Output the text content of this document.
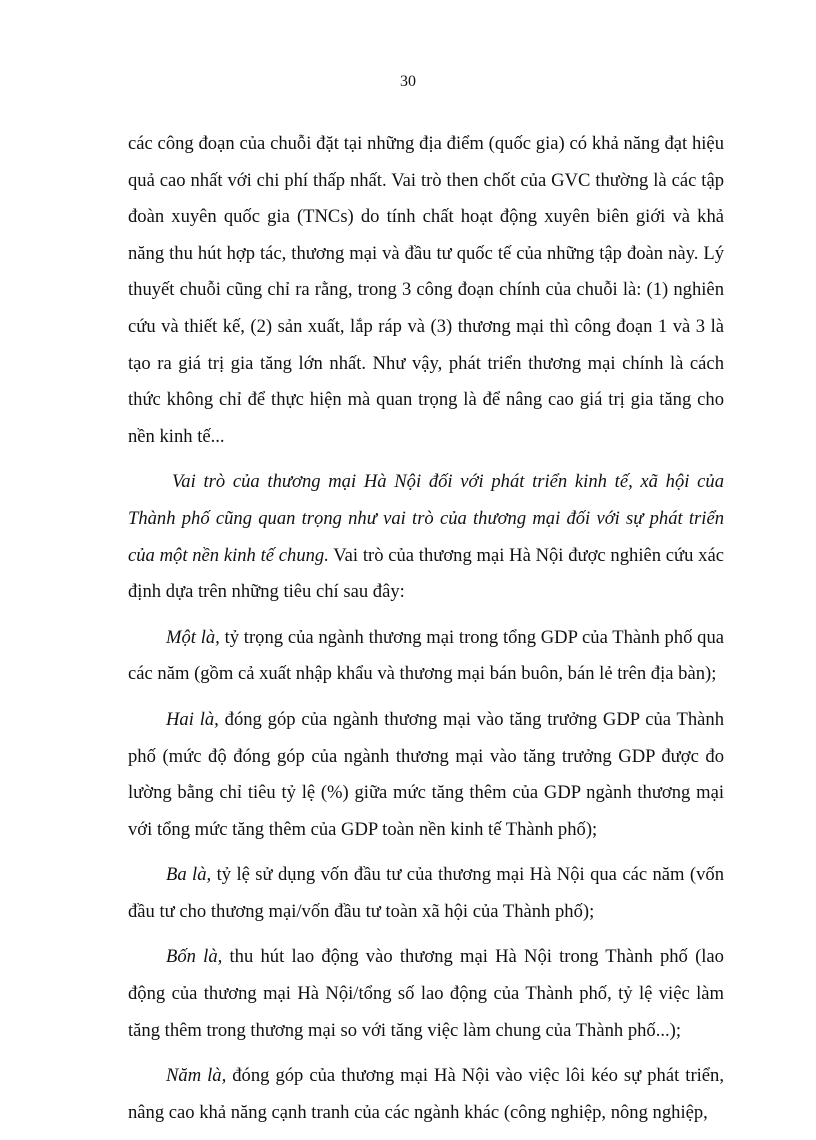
30

các công đoạn của chuỗi đặt tại những địa điểm (quốc gia) có khả năng đạt hiệu quả cao nhất với chi phí thấp nhất. Vai trò then chốt của GVC thường là các tập đoàn xuyên quốc gia (TNCs) do tính chất hoạt động xuyên biên giới và khả năng thu hút hợp tác, thương mại và đầu tư quốc tế của những tập đoàn này. Lý thuyết chuỗi cũng chỉ ra rằng, trong 3 công đoạn chính của chuỗi là: (1) nghiên cứu và thiết kế, (2) sản xuất, lắp ráp và (3) thương mại thì công đoạn 1 và 3 là tạo ra giá trị gia tăng lớn nhất. Như vậy, phát triển thương mại chính là cách thức không chỉ để thực hiện mà quan trọng là để nâng cao giá trị gia tăng cho nền kinh tế...

Vai trò của thương mại Hà Nội đối với phát triển kinh tế, xã hội của Thành phố cũng quan trọng như vai trò của thương mại đối với sự phát triển của một nền kinh tế chung. Vai trò của thương mại Hà Nội được nghiên cứu xác định dựa trên những tiêu chí sau đây:

Một là, tỷ trọng của ngành thương mại trong tổng GDP của Thành phố qua các năm (gồm cả xuất nhập khẩu và thương mại bán buôn, bán lẻ trên địa bàn);

Hai là, đóng góp của ngành thương mại vào tăng trưởng GDP của Thành phố (mức độ đóng góp của ngành thương mại vào tăng trưởng GDP được đo lường bằng chỉ tiêu tỷ lệ (%) giữa mức tăng thêm của GDP ngành thương mại với tổng mức tăng thêm của GDP toàn nền kinh tế Thành phố);

Ba là, tỷ lệ sử dụng vốn đầu tư của thương mại Hà Nội qua các năm (vốn đầu tư cho thương mại/vốn đầu tư toàn xã hội của Thành phố);

Bốn là, thu hút lao động vào thương mại Hà Nội trong Thành phố (lao động của thương mại Hà Nội/tổng số lao động của Thành phố, tỷ lệ việc làm tăng thêm trong thương mại so với tăng việc làm chung của Thành phố...);

Năm là, đóng góp của thương mại Hà Nội vào việc lôi kéo sự phát triển, nâng cao khả năng cạnh tranh của các ngành khác (công nghiệp, nông nghiệp,
